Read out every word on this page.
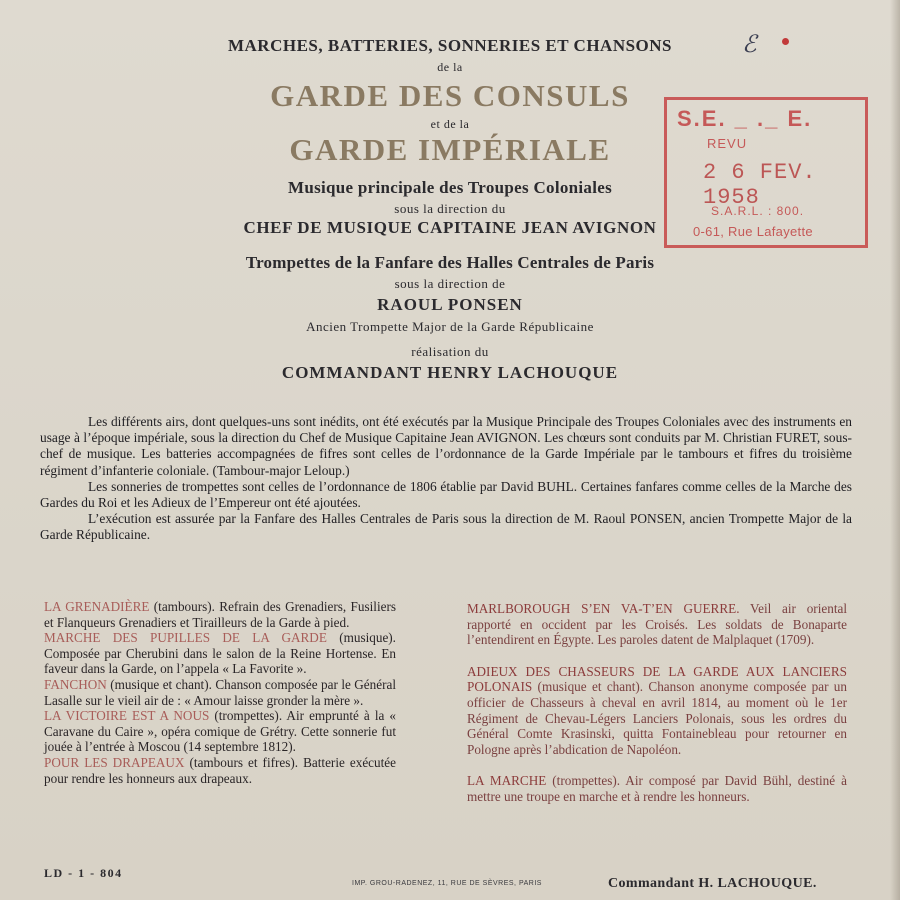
MARCHES, BATTERIES, SONNERIES ET CHANSONS
de la
GARDE DES CONSULS
et de la
GARDE IMPÉRIALE
Musique principale des Troupes Coloniales
sous la direction du
CHEF DE MUSIQUE CAPITAINE JEAN AVIGNON
Trompettes de la Fanfare des Halles Centrales de Paris
sous la direction de
RAOUL PONSEN
Ancien Trompette Major de la Garde Républicaine
réalisation du
COMMANDANT HENRY LACHOUQUE

Les différents airs, dont quelques-uns sont inédits, ont été exécutés par la Musique Principale des Troupes Coloniales avec des instruments en usage à l’époque impériale, sous la direction du Chef de Musique Capitaine Jean AVIGNON. Les chœurs sont conduits par M. Christian FURET, sous-chef de musique. Les batteries accompagnées de fifres sont celles de l’ordonnance de la Garde Impériale par le tambours et fifres du troisième régiment d’infanterie coloniale. (Tambour-major Leloup.)

Les sonneries de trompettes sont celles de l’ordonnance de 1806 établie par David BUHL. Certaines fanfares comme celles de la Marche des Gardes du Roi et les Adieux de l’Empereur ont été ajoutées.

L’exécution est assurée par la Fanfare des Halles Centrales de Paris sous la direction de M. Raoul PONSEN, ancien Trompette Major de la Garde Républicaine.

LA GRENADIÈRE (tambours). Refrain des Grenadiers, Fusiliers et Flanqueurs Grenadiers et Tirailleurs de la Garde à pied.

MARCHE DES PUPILLES DE LA GARDE (musique). Composée par Cherubini dans le salon de la Reine Hortense. En faveur dans la Garde, on l’appela « La Favorite ».

FANCHON (musique et chant). Chanson composée par le Général Lasalle sur le vieil air de : « Amour laisse gronder la mère ».

LA VICTOIRE EST A NOUS (trompettes). Air emprunté à la « Caravane du Caire », opéra comique de Grétry. Cette sonnerie fut jouée à l’entrée à Moscou (14 septembre 1812).

POUR LES DRAPEAUX (tambours et fifres). Batterie exécutée pour rendre les honneurs aux drapeaux.

MARLBOROUGH S’EN VA-T’EN GUERRE. Veil air oriental rapporté en occident par les Croisés. Les soldats de Bonaparte l’entendirent en Égypte. Les paroles datent de Malplaquet (1709).

ADIEUX DES CHASSEURS DE LA GARDE AUX LANCIERS POLONAIS (musique et chant). Chanson anonyme composée par un officier de Chasseurs à cheval en avril 1814, au moment où le 1er Régiment de Chevau-Légers Lanciers Polonais, sous les ordres du Général Comte Krasinski, quitta Fontainebleau pour retourner en Pologne après l’abdication de Napoléon.

LA MARCHE (trompettes). Air composé par David Bühl, destiné à mettre une troupe en marche et à rendre les honneurs.

LD - 1 - 804
IMP. GROU-RADENEZ, 11, RUE DE SÈVRES, PARIS	Commandant H. LACHOUQUE.
S.E. _ ._ E.
REVU
2 6 FEV. 1958
S.A.R.L. : 800.
0-61, Rue Lafayette
ℰ
